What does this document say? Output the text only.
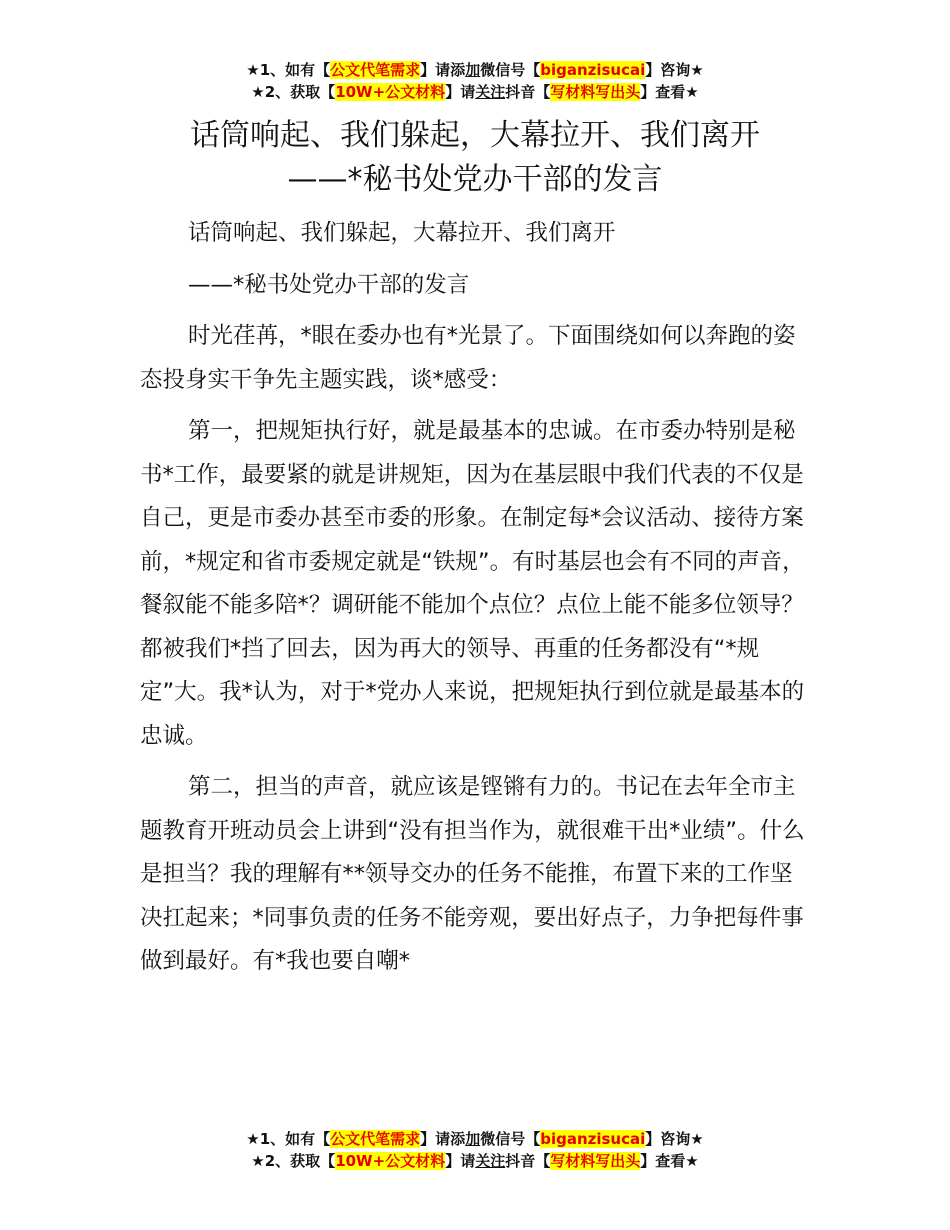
★1、如有【公文代笔需求】请添加微信号【biganzisucai】咨询★
★2、获取【10W+公文材料】请关注抖音【写材料写出头】查看★
话筒响起、我们躲起，大幕拉开、我们离开
——*秘书处党办干部的发言

话筒响起、我们躲起，大幕拉开、我们离开

——*秘书处党办干部的发言

时光荏苒，*眼在委办也有*光景了。下面围绕如何以奔跑的姿态投身实干争先主题实践，谈*感受：

第一，把规矩执行好，就是最基本的忠诚。在市委办特别是秘书*工作，最要紧的就是讲规矩，因为在基层眼中我们代表的不仅是自己，更是市委办甚至市委的形象。在制定每*会议活动、接待方案前，*规定和省市委规定就是“铁规”。有时基层也会有不同的声音，餐叙能不能多陪*？调研能不能加个点位？点位上能不能多位领导？都被我们*挡了回去，因为再大的领导、再重的任务都没有“*规定”大。我*认为，对于*党办人来说，把规矩执行到位就是最基本的忠诚。

第二，担当的声音，就应该是铿锵有力的。书记在去年全市主题教育开班动员会上讲到“没有担当作为，就很难干出*业绩”。什么是担当？我的理解有**领导交办的任务不能推，布置下来的工作坚决扛起来；*同事负责的任务不能旁观，要出好点子，力争把每件事做到最好。有*我也要自嘲*

★1、如有【公文代笔需求】请添加微信号【biganzisucai】咨询★
★2、获取【10W+公文材料】请关注抖音【写材料写出头】查看★
